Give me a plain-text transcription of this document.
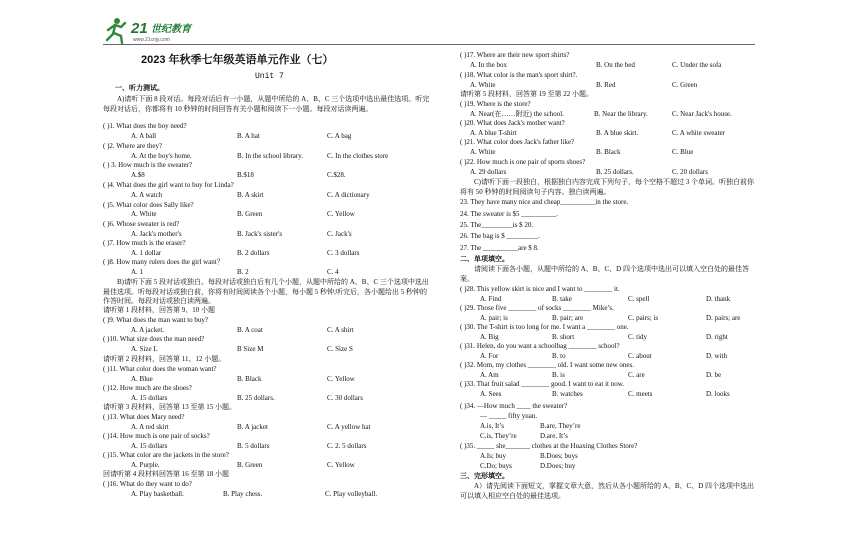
21 世纪教育
www.21cnjy.com
2023 年秋季七年级英语单元作业（七）
Unit 7
一、听力测试。
A)请听下面 8 段对话。每段对话后有一小题，从题中所给的 A、B、C 三个选项中选出最佳选项。听完每段对话后，你都将有 10 秒钟的时间回答有关小题和阅读下一小题。每段对话读两遍。
( )1. What does the boy need?
A. A ball	B. A hat	C. A bag
( )2. Where are they?
A. At the boy's home.	B. In the school library.	C. In the clothes store
( ) 3. How much is the sweater?
A.$8	B.$18	C.$28.
( )4. What does the girl want to buy for Linda?
A. A watch	B. A skirt	C. A dictionary
( )5. What color does Sally like?
A. White	B. Green	C. Yellow
( )6. Whose sweater is red?
A. Jack's mother's	B. Jack's sister's	C. Jack's
( )7. How much is the eraser?
A. 1 dollar	B. 2 dollars	C. 3 dollars
( )8. How many rulers does the girl want？
A. 1	B. 2	C. 4
( )9. What does the man want to buy?
A. A jacket.	B. A coat	C. A shirt
( )10. What size does the man need?
A. Size L	B Size M	C. Size S
( )11. What color does the woman want?
A. Blue	B. Black	C. Yellow
( )12. How much are the shoes?
A. 15 dollars	B. 25 dollars.	C. 30 dollars
( )13. What does Mary need?
A. A red skirt	B. A jacket	C. A yellow hat
( )14. How much is one pair of socks?
A. 15 dollars	B. 5 dollars	C. 2. 5 dollars
( )15. What color are the jackets in the store?
A. Purple.	B. Green	C. Yellow
( )16. What do they want to do?
A. Play basketball.	B. Play chess.	C. Play volleyball.
B)请听下面 5 段对话或独白。每段对话或独白后有几个小题，从题中所给的 A、B、C 三个选项中选出最佳选项。听每段对话或独白前，你将有时间阅读各个小题，每小题 5 秒钟;听完后，各小题给出 5 秒钟的作答时间。每段对话或独白读两遍。
请听第 1 段材料，回答第 9、10 小题
请听第 2 段材料，回答第 11、12 小题。
请听第 3 段材料，回答第 13 至第 15 小题。
回请听第 4 段材料回答第 16 至第 18 小题
( )17. Where are their new sport shirts?
A. In the box	B. On the bed	C. Under the sofa
( )18. What color is the man's sport shirt?.
A. White	B. Red	C. Green
( )19. Where is the store?
A. Near(在……附近) the school.	B. Near the library.	C. Near Jack's house.
( )20. What does Jack's mother want?
A. A blue T-shirt	B. A blue skirt.	C. A white sweater
( )21. What color does Jack's father like?
A. White	B. Black	C. Blue
( )22. How much is one pair of sports shoes?
A. 29 dollars	B. 25 dollars.	C. 20 dollars
请听第 5 段材料，回答第 19 至第 22 小题。
C)请听下面一段独白，根据独白内容完成下列句子，每个空格不超过 3 个单词。听独白前你将有 50 秒钟的时间阅读句子内容。独白读两遍。
23. They have many nice and cheap__________in the store.
24. The sweater is $5 __________.
25. The_________is $ 20.
26. The bag is $ _________.
27. The __________are $ 8.
二、单项填空。
请阅读下面各小题，从题中所给的 A、B、C、D 四个选项中选出可以填入空白处的最佳答案。
( )28. This yellow skirt is nice and I want to ________ it.
A. Find	B. take	C. spell	D. thank
( )29. Those five ________ of socks ________ Mike’s.
A. pair; is	B. pair; are	C. pairs; is	D. pairs; are
( )30. The T-shirt is too long for me. I want a ________ one.
A. Big	B. short	C. tidy	D. right
( )31. Helen, do you want a schoolbag ________ school?
A. For	B. to	C. about	D. with
( )32. Mom, my clothes ________ old. I want some new ones.
A. Am	B. is	C. are	D. be
( )33. That fruit salad ________ good. I want to eat it now.
A. Sees	B. watches	C. meets	D. looks
( )34. —How much ____ the sweater?
— _____ fifty yuan.
A.is, It’s	B.are, They’re
C.is, They’re	D.are, It’s
( )35. _____ she_______ clothes at the Huaxing Clothes Store?
A.Is; buy	B.Does; buys
C.Do; buys	D.Does; buy
三、完形填空。
A）请先阅读下面短文，掌握文章大意，然后从各小题所给的 A、B、C、D 四个选项中选出可以填入相应空白处的最佳选项。
